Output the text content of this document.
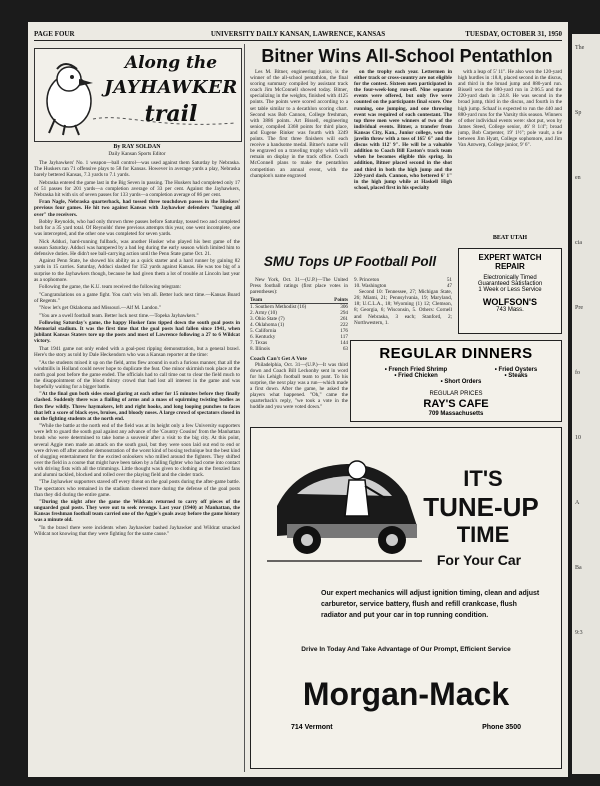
PAGE FOUR	UNIVERSITY DAILY KANSAN, LAWRENCE, KANSAS	TUESDAY, OCTOBER 31, 1950
Along the
JAYHAWKER
trail
By RAY SOLDAN
Daily Kansan Sports Editor

The Jayhawkers' No. 1 weapon—ball control—was used against them Saturday by Nebraska. The Huskers ran 71 offensive plays to 58 for Kansas. However in average yards a play, Nebraska barely bettered Kansas, 7.3 yards to 7.1 yards.

Nebraska entered the game last in the Big Seven in passing. The Huskers had completed only 17 of 51 passes for 201 yards—a completion average of 33 per cent. Against the Jayhawkers, Nebraska hit with six of seven passes for 133 yards—a completion average of 86 per cent.

Fran Nagle, Nebraska quarterback, had tossed three touchdown passes in the Huskers' previous four games. He hit two against Kansas with Jayhawker defenders "hanging all over" the receivers.

Bobby Reynolds, who had only thrown three passes before Saturday, tossed two and completed both for a 35 yard total. Of Reynolds' three previous attempts this year, one went incomplete, one was intercepted, and the other one was completed for seven yards.

Nick Adduci, hard-running fullback, was another Husker who played his best game of the season Saturday. Adduci was hampered by a bad leg during the early season which limited him to defensive duties. He didn't see ball-carrying action until the Penn State game Oct. 21.

Against Penn State, he showed his ability as a quick starter and a hard runner by gaining 82 yards in 15 carries. Saturday, Adduci slashed for 152 yards against Kansas. He was too big of a surprise to the Jayhawkers though, because he had given them a lot of trouble at Lincoln last year as a sophomore.

Following the game, the K.U. team received the following telegram:

"Congratulations on a game fight. You can't win 'em all. Better luck next time.—Kansas Board of Regents."

"Now let's get Oklahoma and Missouri.—Alf M. Landon."

"You are a swell football team. Better luck next time.—Topeka Jayhawkers."

Following Saturday's game, the happy Husker fans tipped down the south goal posts in Memorial stadium. It was the first time that the goal posts had fallen since 1941, when jubilant Kansas Staters tore up the posts and most of Lawrence following a 27 to 6 Wildcat victory.

That 1941 game not only ended with a goal-post ripping demonstration, but a general brawl. Here's the story as told by Dale Heckendorn who was a Kansan reporter at the time:

"As the students mixed it up on the field, arms flew around in such a furious manner, that all the windmills in Holland could never hope to duplicate the feat. One minor skirmish took place at the north goal post before the game ended. The officials had to call time out to clear the field much to the disappointment of the blood thirsty crowd that had lost all interest in the game and was hopefully waiting for a bigger battle.

"At the final gun both sides stood glaring at each other for 15 minutes before they finally clashed. Suddenly there was a flailing of arms and a mass of squirming twisting bodies as fists flew wildly. Threw haymakers, left and right hooks, and long looping punches to faces that left a score of black eyes, bruises, and bloody noses. A large crowd of spectators closed in on the fighting students at the north end.

"While the battle at the north end of the field was at its height only a few University supporters were left to guard the south goal against any advance of the 'Country Cousins' from the Manhattan brush who were determined to take home a souvenir after a visit to the big city. At this point, several Aggie men made an attack on the south goal, but they were soon laid out end to end or were driven off after another demonstration of the worst kind of boxing technique but the best kind of slugging entertainment for the excited onlookers who milled around the fighters. They shifted over the field in a course that might have been taken by a falling fighter who had come into contact with driving fists with all the trimmings. Little thought was given to clothing as the frenzied fans and alumni tackled, blocked and rolled over the playing field and the cinder track.

"The Jayhawker supporters staved off every threat on the goal posts during the after-game battle. The spectators who remained in the stadium cheered more during the defense of the goal posts than they did during the entire game.

"During the night after the game the Wildcats returned to carry off pieces of the unguarded goal posts. They were out to seek revenge. Last year (1940) at Manhattan, the Kansas freshman football team carried one of the Aggie's goals away before the game history was a minute old.

"In the brawl there were incidents when Jayhawker bashed Jayhawker and Wildcat smacked Wildcat not knowing that they were fighting for the same cause."

Bitner Wins All-School Pentathlon

Les M. Bitner, engineering junior, is the winner of the all-school pentathlon, the final scoring summary compiled by assistant track coach Jim McConnell showed today. Bitner, specializing in the weights, finished with 4125 points. The points were scored according to a set table similar to a decathlon scoring chart. Second was Bob Cannon, College freshman, with 3886 points. Art Bissell, engineering senior, compiled 3368 points for third place, and Eugene Rinker was fourth with 3249 points. The first three finishers will each receive a handsome medal. Bitner's name will be engraved on a traveling trophy which will remain on display in the track office. Coach McConnell plans to make the pentathlon competition an annual event, with the champion's name engraved

on the trophy each year. Lettermen in either track or cross-country are not eligible for the contest. Sixteen men participated in the four-week-long run-off. Nine separate events were offered, but only five were counted on the participants final score. One running, one jumping, and one throwing event was required of each contestant. The top three men were winners of two of the individual events. Bitner, a transfer from Kansas City, Kan., Junior college, won the javelin throw with a toss of 165' 6" and the discus with 112' 9". He will be a valuable addition to Coach Bill Easton's track team when he becomes eligible this spring. In addition, Bitner placed second in the shot and third in both the high jump and the 220-yard dash. Cannon, who bettered 6' 1" in the high jump while at Haskell High school, placed first in his specialty

with a leap of 5' 11". He also won the 120-yard high hurdles in :18.8, placed second in the discus, and third in the broad jump and 880-yard run. Bissell won the 880-yard run in 2:06.5 and the 220-yard dash in :24.8. He was second in the broad jump, third in the discus, and fourth in the high jump. Schaaf is expected to run the 440 and 880-yard runs for the Varsity this season. Winners of other individual events were: shot put, won by James Steed, College senior, 46' 8 1/4"; broad jump, Bob Carpenter, 19' 1½"; pole vault, a tie between Jim Hyatt, College sophomore, and Jim Van Antwerp, College junior, 9' 6".

BEAT UTAH
SMU Tops UP Football Poll

New York, Oct. 31—(U.P.)—The United Press football ratings (first place votes in parentheses):

Team	Points
1. Southern Methodist (16)	306
2. Army (10)	294
3. Ohio State (7)	261
4. Oklahoma (1)	222
5. California	176
6. Kentucky	117
7. Texas	144
8. Illinois	63
Coach Can't Get A Vote

Philadelphia, Oct. 31—(U.P.)—It was third down and Coach Bill Leckonby sent in word for his Lehigh football team to punt. To his surprise, the next play was a run—which made a first down. After the game, he asked the players what happened. "Oh," came the quarterback's reply, "we took a vote in the huddle and you were voted down."

9. Princeton	51
10. Washington	47

Second 10: Tennessee, 27; Michigan State, 26; Miami, 21; Pennsylvania, 19; Maryland, 18; U.C.L.A., 18; Wyoming (1) 12; Clemson, 8; Georgia, 6; Wisconsin, 5. Others: Cornell and Nebraska, 3 each; Stanford, 2; Northwestern, 1.

EXPERT WATCH
REPAIR
Electronically Timed
Guaranteed Satisfaction
1 Week or Less Service
WOLFSON'S
743 Mass.
REGULAR DINNERS
• French Fried Shrimp	• Fried Oysters
• Fried Chicken	• Steaks
• Short Orders
REGULAR PRICES
RAY'S CAFE
709 Massachusetts
IT'S
TUNE-UP
TIME
For Your Car
Our expert mechanics will adjust ignition timing, clean and adjust carburetor, service battery, flush and refill crankcase, flush radiator and put your car in top running condition.
Drive In Today And Take Advantage of Our Prompt, Efficient Service
Morgan-Mack
714 Vermont	Phone 3500
The
Sp
en
cia
Pre
fo
10
A
Ba
9:3
